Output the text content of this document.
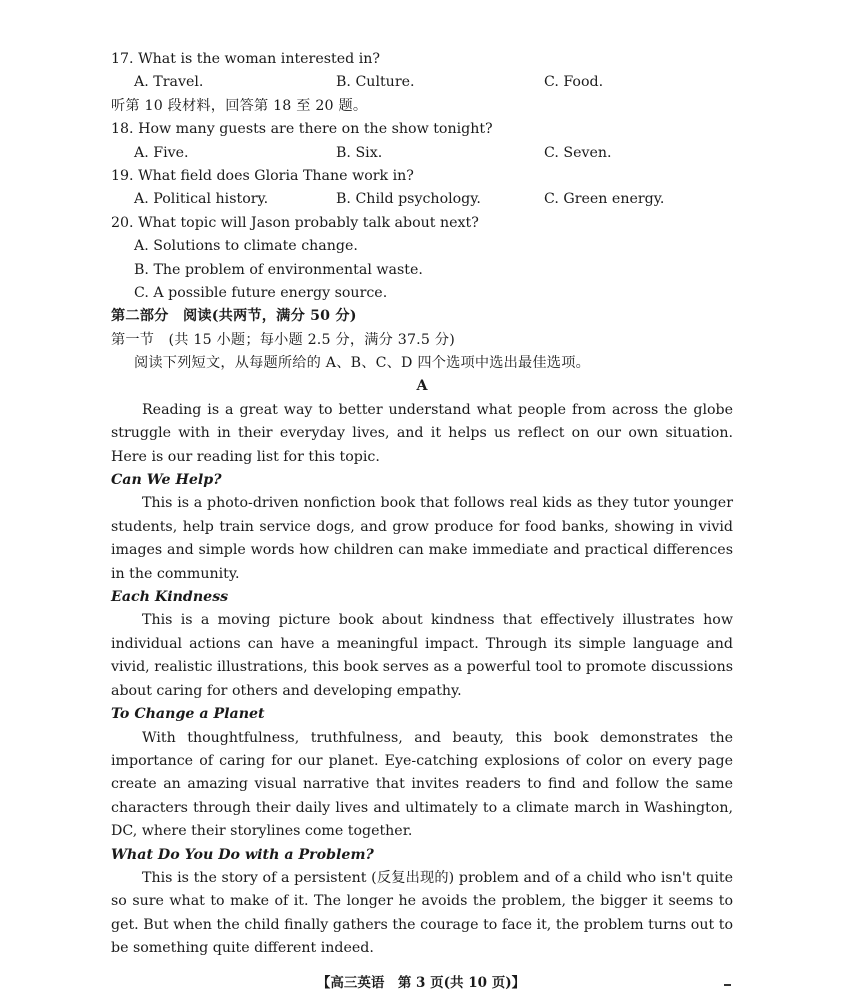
17. What is the woman interested in?
A. Travel.	B. Culture.	C. Food.
听第 10 段材料，回答第 18 至 20 题。
18. How many guests are there on the show tonight?
A. Five.	B. Six.	C. Seven.
19. What field does Gloria Thane work in?
A. Political history.	B. Child psychology.	C. Green energy.
20. What topic will Jason probably talk about next?
A. Solutions to climate change.
B. The problem of environmental waste.
C. A possible future energy source.
第二部分　阅读(共两节，满分 50 分)
第一节　(共 15 小题；每小题 2.5 分，满分 37.5 分)
阅读下列短文，从每题所给的 A、B、C、D 四个选项中选出最佳选项。
A

Reading is a great way to better understand what people from across the globe struggle with in their everyday lives, and it helps us reflect on our own situation. Here is our reading list for this topic.

Can We Help?

This is a photo-driven nonfiction book that follows real kids as they tutor younger students, help train service dogs, and grow produce for food banks, showing in vivid images and simple words how children can make immediate and practical differences in the community.

Each Kindness

This is a moving picture book about kindness that effectively illustrates how individual actions can have a meaningful impact. Through its simple language and vivid, realistic illustrations, this book serves as a powerful tool to promote discussions about caring for others and developing empathy.

To Change a Planet

With thoughtfulness, truthfulness, and beauty, this book demonstrates the importance of caring for our planet. Eye-catching explosions of color on every page create an amazing visual narrative that invites readers to find and follow the same characters through their daily lives and ultimately to a climate march in Washington, DC, where their storylines come together.

What Do You Do with a Problem?

This is the story of a persistent (反复出现的) problem and of a child who isn't quite so sure what to make of it. The longer he avoids the problem, the bigger it seems to get. But when the child finally gathers the courage to face it, the problem turns out to be something quite different indeed.

【高三英语　第 3 页(共 10 页)】
